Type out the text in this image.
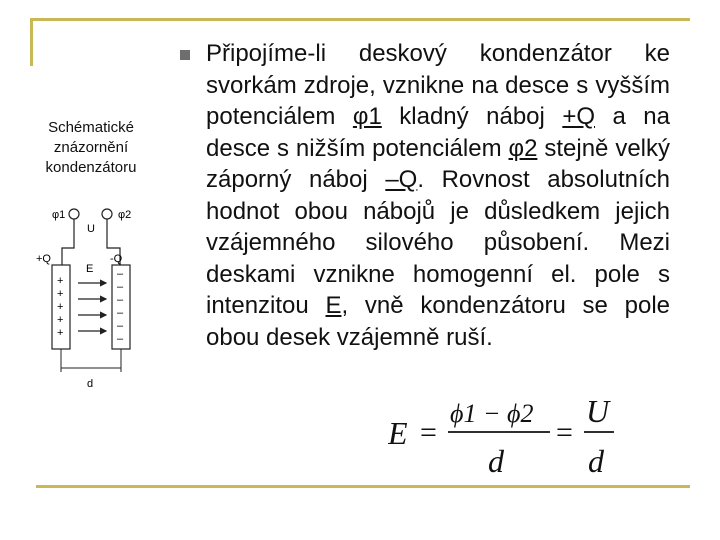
Připojíme-li deskový kondenzátor ke svorkám zdroje, vznikne na desce s vyšším potenciálem φ1 kladný náboj +Q a na desce s nižším potenciálem φ2 stejně velký záporný náboj –Q. Rovnost absolutních hodnot obou nábojů je důsledkem jejich vzájemného silového působení. Mezi deskami vznikne homogenní el. pole s intenzitou E, vně kondenzátoru se pole obou desek vzájemně ruší.

Schématické znázornění kondenzátoru
φ1	φ2
U
+Q	-Q
E
+
+
+
+
+
–
–
–
–
–
–
d
E =
ϕ1 − ϕ2
d
=
U
d
